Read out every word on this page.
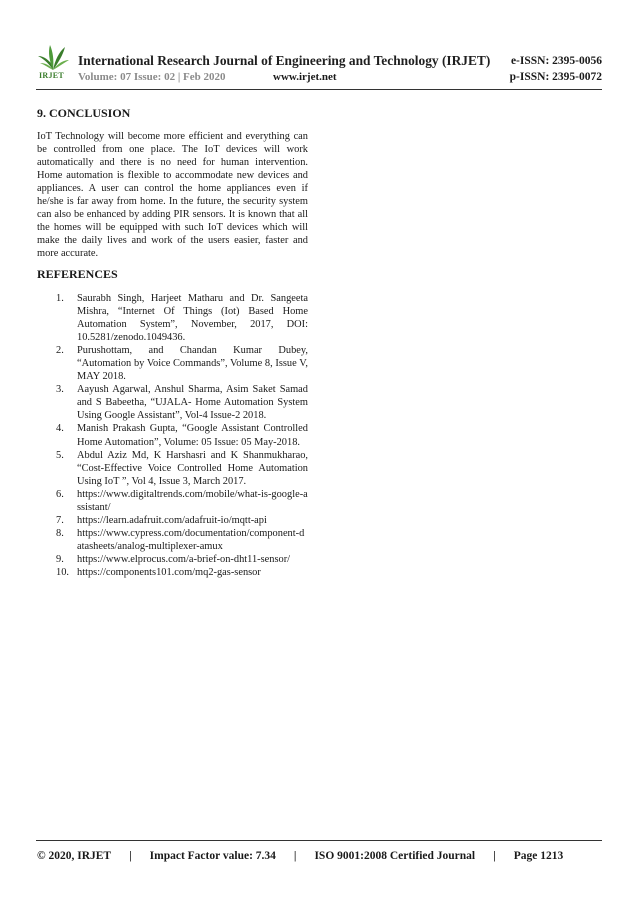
IRJET
International Research Journal of Engineering and Technology (IRJET) e-ISSN: 2395-0056
Volume: 07 Issue: 02 | Feb 2020	www.irjet.net	p-ISSN: 2395-0072
9. CONCLUSION

IoT Technology will become more efficient and everything can be controlled from one place. The IoT devices will work automatically and there is no need for human intervention. Home automation is flexible to accommodate new devices and appliances. A user can control the home appliances even if he/she is far away from home. In the future, the security system can also be enhanced by adding PIR sensors. It is known that all the homes will be equipped with such IoT devices which will make the daily lives and work of the users easier, faster and more accurate.

REFERENCES
1. Saurabh Singh, Harjeet Matharu and Dr. Sangeeta Mishra, “Internet Of Things (Iot) Based Home Automation System”, November, 2017, DOI: 10.5281/zenodo.1049436.
2. Purushottam, and Chandan Kumar Dubey, “Automation by Voice Commands”, Volume 8, Issue V, MAY 2018.
3. Aayush Agarwal, Anshul Sharma, Asim Saket Samad and S Babeetha, “UJALA- Home Automation System Using Google Assistant”, Vol-4 Issue-2 2018.
4. Manish Prakash Gupta, “Google Assistant Controlled Home Automation”, Volume: 05 Issue: 05 May-2018.
5. Abdul Aziz Md, K Harshasri and K Shanmukharao, “Cost-Effective Voice Controlled Home Automation Using IoT ”, Vol 4, Issue 3, March 2017.
6. https://www.digitaltrends.com/mobile/what-is-google-assistant/
7. https://learn.adafruit.com/adafruit-io/mqtt-api
8. https://www.cypress.com/documentation/component-datasheets/analog-multiplexer-amux
9. https://www.elprocus.com/a-brief-on-dht11-sensor/
10. https://components101.com/mq2-gas-sensor
© 2020, IRJET | Impact Factor value: 7.34 | ISO 9001:2008 Certified Journal | Page 1213
